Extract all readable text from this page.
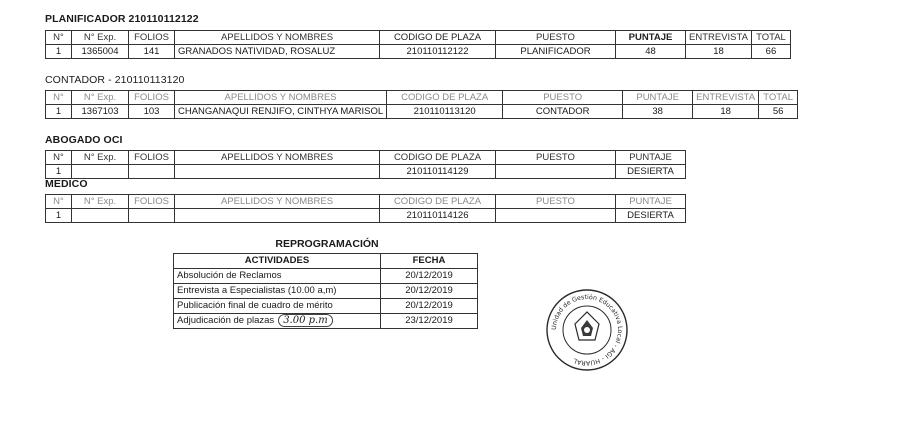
PLANIFICADOR 210110112122
N°	N° Exp.	FOLIOS	APELLIDOS Y NOMBRES	CODIGO DE PLAZA	PUESTO	PUNTAJE	ENTREVISTA	TOTAL
1	1365004	141	GRANADOS NATIVIDAD, ROSALUZ	210110112122	PLANIFICADOR	48	18	66
CONTADOR - 210110113120
N°	N° Exp.	FOLIOS	APELLIDOS Y NOMBRES	CODIGO DE PLAZA	PUESTO	PUNTAJE	ENTREVISTA	TOTAL
1	1367103	103	CHANGANAQUI RENJIFO, CINTHYA MARISOL	210110113120	CONTADOR	38	18	56
ABOGADO OCI
N°	N° Exp.	FOLIOS	APELLIDOS Y NOMBRES	CODIGO DE PLAZA	PUESTO	PUNTAJE
1				210110114129		DESIERTA
MEDICO
N°	N° Exp.	FOLIOS	APELLIDOS Y NOMBRES	CODIGO DE PLAZA	PUESTO	PUNTAJE
1				210110114126		DESIERTA
REPROGRAMACIÓN
ACTIVIDADES	FECHA
Absolución de Reclamos	20/12/2019
Entrevista a Especialistas (10.00 a,m)	20/12/2019
Publicación final de cuadro de mérito	20/12/2019
Adjudicación de plazas 3.00 p.m	23/12/2019
Unidad de Gestión Educativa Local - AGI - HUARAL
